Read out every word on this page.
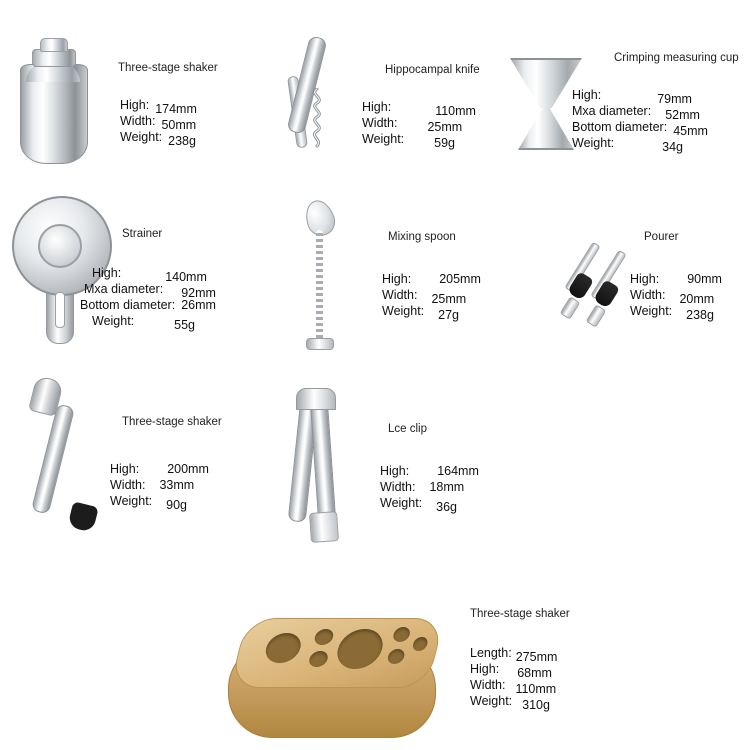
Three-stage shaker
High: 174mm
Width: 50mm
Weight: 238g
Hippocampal knife
High:	110mm
Width: 25mm
Weight: 59g
Crimping measuring cup
High:	79mm
Mxa diameter: 52mm
Bottom diameter: 45mm
Weight:	34g
Strainer
High:	140mm
Mxa diameter: 92mm
Bottom diameter: 26mm
Weight:	55g
Mixing spoon
High: 205mm
Width: 25mm
Weight: 27g
Pourer
High: 90mm
Width: 20mm
Weight: 238g
Three-stage shaker
High: 200mm
Width: 33mm
Weight: 90g
Lce clip
High: 164mm
Width: 18mm
Weight: 36g
Three-stage shaker
Length: 275mm
High: 68mm
Width: 110mm
Weight: 310g
